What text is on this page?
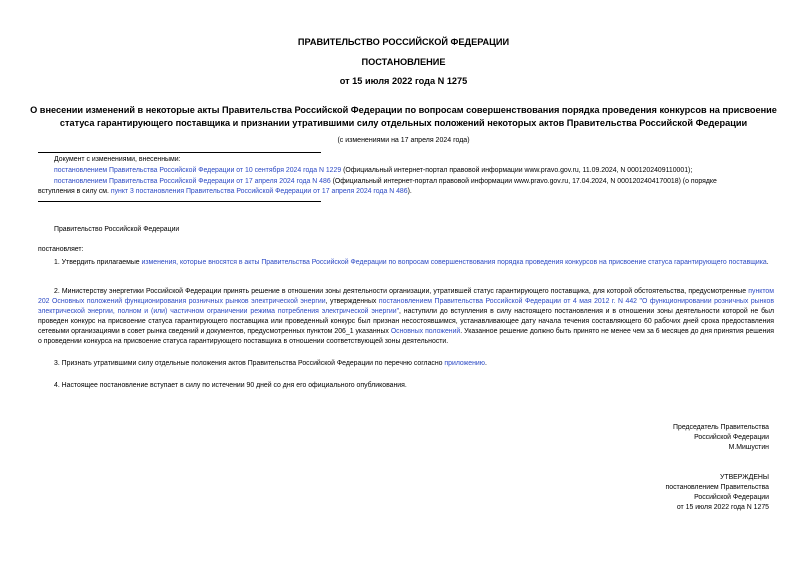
ПРАВИТЕЛЬСТВО РОССИЙСКОЙ ФЕДЕРАЦИИ
ПОСТАНОВЛЕНИЕ
от 15 июля 2022 года N 1275
О внесении изменений в некоторые акты Правительства Российской Федерации по вопросам совершенствования порядка проведения конкурсов на присвоение статуса гарантирующего поставщика и признании утратившими силу отдельных положений некоторых актов Правительства Российской Федерации
(с изменениями на 17 апреля 2024 года)
Документ с изменениями, внесенными:
постановлением Правительства Российской Федерации от 10 сентября 2024 года N 1229 (Официальный интернет-портал правовой информации www.pravo.gov.ru, 11.09.2024, N 0001202409110001);
постановлением Правительства Российской Федерации от 17 апреля 2024 года N 486 (Официальный интернет-портал правовой информации www.pravo.gov.ru, 17.04.2024, N 0001202404170018) (о порядке
вступления в силу см. пункт 3 постановления Правительства Российской Федерации от 17 апреля 2024 года N 486).
Правительство Российской Федерации
постановляет:
1. Утвердить прилагаемые изменения, которые вносятся в акты Правительства Российской Федерации по вопросам совершенствования порядка проведения конкурсов на присвоение статуса гарантирующего поставщика.
2. Министерству энергетики Российской Федерации принять решение в отношении зоны деятельности организации, утратившей статус гарантирующего поставщика, для которой обстоятельства, предусмотренные пунктом 202 Основных положений функционирования розничных рынков электрической энергии, утвержденных постановлением Правительства Российской Федерации от 4 мая 2012 г. N 442 "О функционировании розничных рынков электрической энергии, полном и (или) частичном ограничении режима потребления электрической энергии", наступили до вступления в силу настоящего постановления и в отношении зоны деятельности которой не был проведен конкурс на присвоение статуса гарантирующего поставщика или проведенный конкурс был признан несостоявшимся, устанавливающее дату начала течения составляющего 60 рабочих дней срока предоставления сетевыми организациями в совет рынка сведений и документов, предусмотренных пунктом 206_1 указанных Основных положений. Указанное решение должно быть принято не менее чем за 6 месяцев до дня принятия решения о проведении конкурса на присвоение статуса гарантирующего поставщика в отношении соответствующей зоны деятельности.
3. Признать утратившими силу отдельные положения актов Правительства Российской Федерации по перечню согласно приложению.
4. Настоящее постановление вступает в силу по истечении 90 дней со дня его официального опубликования.
Председатель Правительства
Российской Федерации
М.Мишустин
УТВЕРЖДЕНЫ
постановлением Правительства
Российской Федерации
от 15 июля 2022 года N 1275
